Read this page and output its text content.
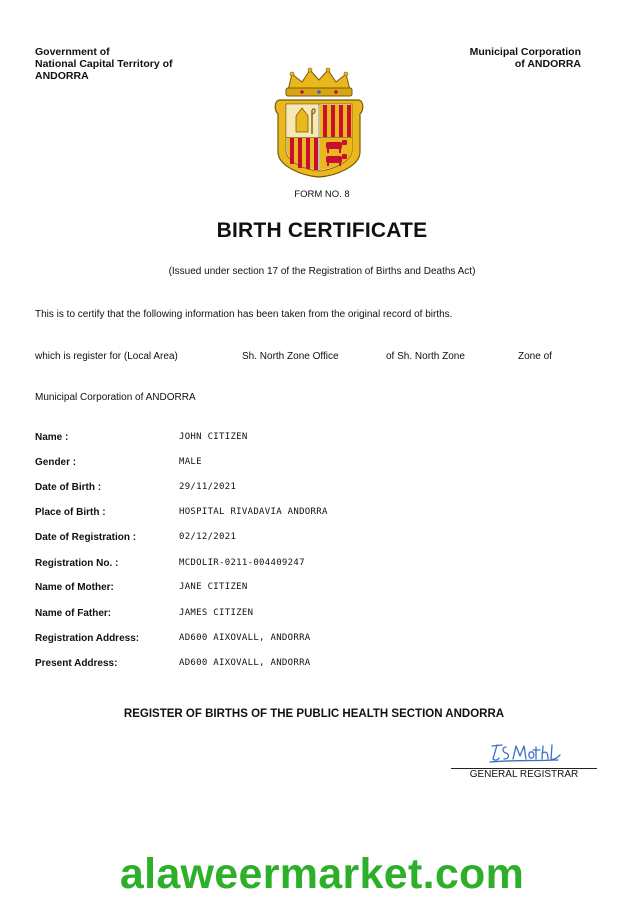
Government of
National Capital Territory of
ANDORRA
Municipal Corporation
of ANDORRA
FORM NO. 8
BIRTH CERTIFICATE
(Issued under section 17 of the Registration of Births and Deaths Act)
This is to certify that the following information has been taken from the original record of births.
which is register for (Local Area)	Sh. North Zone Office	of Sh. North Zone	Zone of
Municipal Corporation of ANDORRA
Name :	JOHN CITIZEN
Gender :	MALE
Date of Birth :	29/11/2021
Place of Birth :	HOSPITAL RIVADAVIA ANDORRA
Date of Registration :	02/12/2021
Registration No. :	MCDOLIR-0211-004409247
Name of Mother:	JANE CITIZEN
Name of Father:	JAMES CITIZEN
Registration Address:	AD600 AIXOVALL, ANDORRA
Present Address:	AD600 AIXOVALL, ANDORRA
REGISTER OF BIRTHS OF THE PUBLIC HEALTH SECTION ANDORRA
GENERAL REGISTRAR
alaweermarket.com
